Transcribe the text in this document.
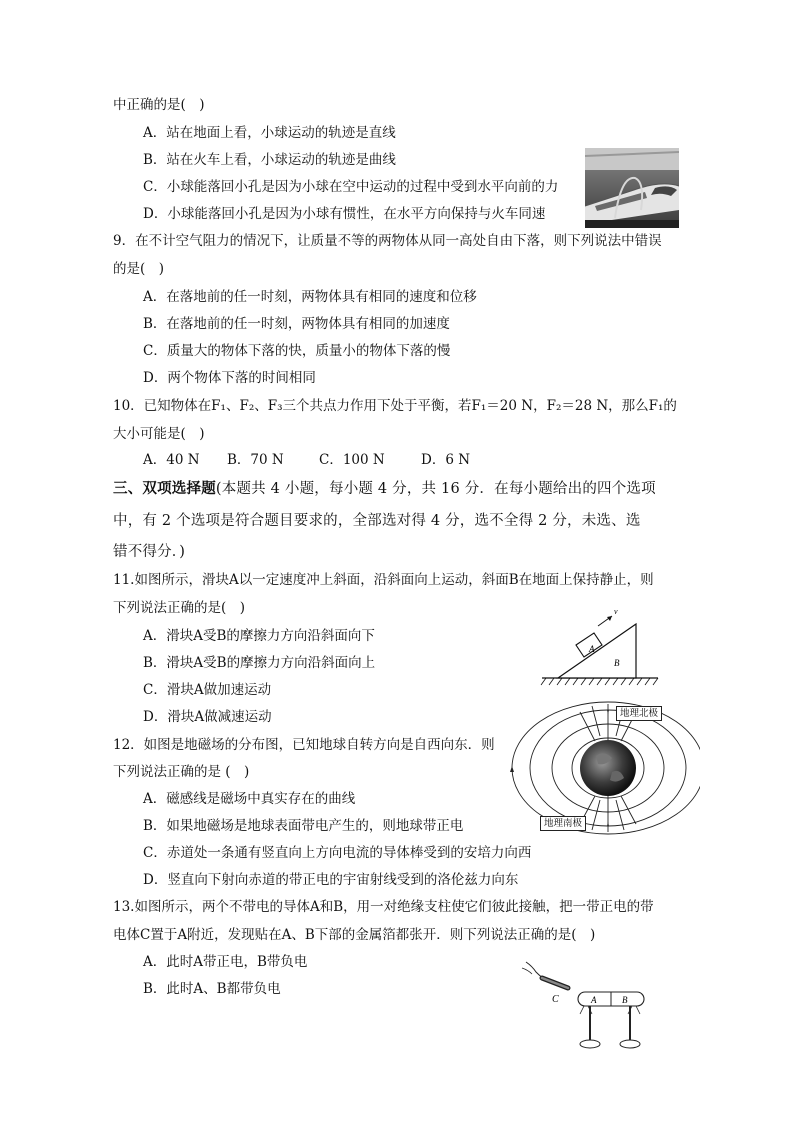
中正确的是(　)
A．站在地面上看，小球运动的轨迹是直线
B．站在火车上看，小球运动的轨迹是曲线
C．小球能落回小孔是因为小球在空中运动的过程中受到水平向前的力
D．小球能落回小孔是因为小球有惯性，在水平方向保持与火车同速
9．在不计空气阻力的情况下，让质量不等的两物体从同一高处自由下落，则下列说法中错误
的是(　)
A．在落地前的任一时刻，两物体具有相同的速度和位移
B．在落地前的任一时刻，两物体具有相同的加速度
C．质量大的物体下落的快，质量小的物体下落的慢
D．两个物体下落的时间相同
10．已知物体在F₁、F₂、F₃三个共点力作用下处于平衡，若F₁＝20 N，F₂＝28 N，那么F₁的
大小可能是(　)
A．40 N B．70 N	C．100 N	D．6 N
三、双项选择题(本题共 4 小题，每小题 4 分，共 16 分．在每小题给出的四个选项
中，有 2 个选项是符合题目要求的，全部选对得 4 分，选不全得 2 分，未选、选
错不得分．)
11.如图所示，滑块A以一定速度冲上斜面，沿斜面向上运动，斜面B在地面上保持静止，则
下列说法正确的是(　)
A．滑块A受B的摩擦力方向沿斜面向下
B．滑块A受B的摩擦力方向沿斜面向上
C．滑块A做加速运动
D．滑块A做减速运动
v
A
B
12．如图是地磁场的分布图，已知地球自转方向是自西向东．则
下列说法正确的是 (　)
A．磁感线是磁场中真实存在的曲线
B．如果地磁场是地球表面带电产生的，则地球带正电
C．赤道处一条通有竖直向上方向电流的导体棒受到的安培力向西
D．竖直向下射向赤道的带正电的宇宙射线受到的洛伦兹力向东
地理北极
地理南极
13.如图所示，两个不带电的导体A和B，用一对绝缘支柱使它们彼此接触，把一带正电的带
电体C置于A附近，发现贴在A、B下部的金属箔都张开．则下列说法正确的是(　)
A．此时A带正电，B带负电
B．此时A、B都带负电
C	A	B
